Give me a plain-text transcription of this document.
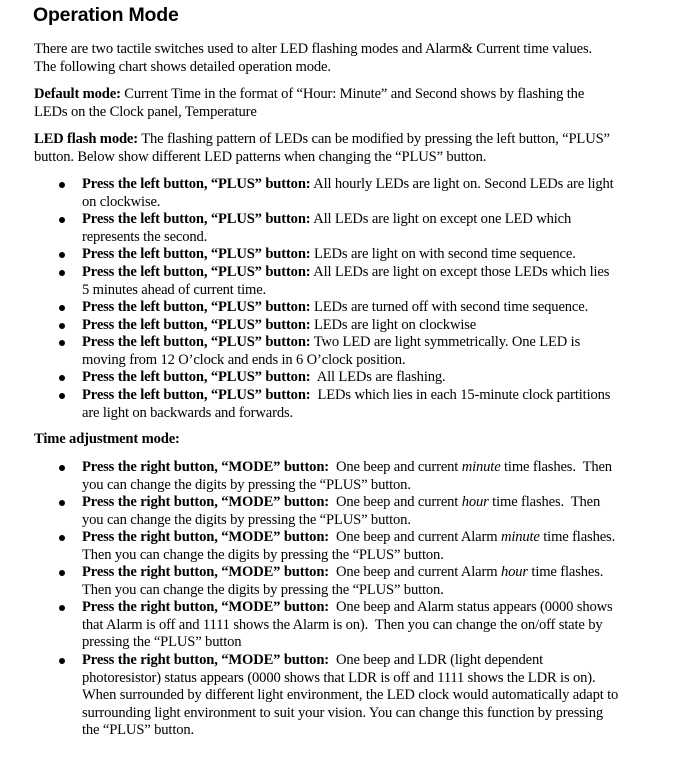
Operation Mode

There are two tactile switches used to alter LED flashing modes and Alarm& Current time values.

The following chart shows detailed operation mode.

Default mode: Current Time in the format of “Hour: Minute” and Second shows by flashing the

LEDs on the Clock panel, Temperature

LED flash mode: The flashing pattern of LEDs can be modified by pressing the left button, “PLUS”

button. Below show different LED patterns when changing the “PLUS” button.

Press the left button, “PLUS” button: All hourly LEDs are light on. Second LEDs are light
on clockwise.
Press the left button, “PLUS” button: All LEDs are light on except one LED which
represents the second.
Press the left button, “PLUS” button: LEDs are light on with second time sequence.
Press the left button, “PLUS” button: All LEDs are light on except those LEDs which lies
5 minutes ahead of current time.
Press the left button, “PLUS” button: LEDs are turned off with second time sequence.
Press the left button, “PLUS” button: LEDs are light on clockwise
Press the left button, “PLUS” button: Two LED are light symmetrically. One LED is
moving from 12 O’clock and ends in 6 O’clock position.
Press the left button, “PLUS” button:  All LEDs are flashing.
Press the left button, “PLUS” button:  LEDs which lies in each 15-minute clock partitions
are light on backwards and forwards.

Time adjustment mode:

Press the right button, “MODE” button:  One beep and current minute time flashes.  Then
you can change the digits by pressing the “PLUS” button.
Press the right button, “MODE” button:  One beep and current hour time flashes.  Then
you can change the digits by pressing the “PLUS” button.
Press the right button, “MODE” button:  One beep and current Alarm minute time flashes.
Then you can change the digits by pressing the “PLUS” button.
Press the right button, “MODE” button:  One beep and current Alarm hour time flashes.
Then you can change the digits by pressing the “PLUS” button.
Press the right button, “MODE” button:  One beep and Alarm status appears (0000 shows
that Alarm is off and 1111 shows the Alarm is on).  Then you can change the on/off state by
pressing the “PLUS” button
Press the right button, “MODE” button:  One beep and LDR (light dependent
photoresistor) status appears (0000 shows that LDR is off and 1111 shows the LDR is on).
When surrounded by different light environment, the LED clock would automatically adapt to
surrounding light environment to suit your vision. You can change this function by pressing
the “PLUS” button.
